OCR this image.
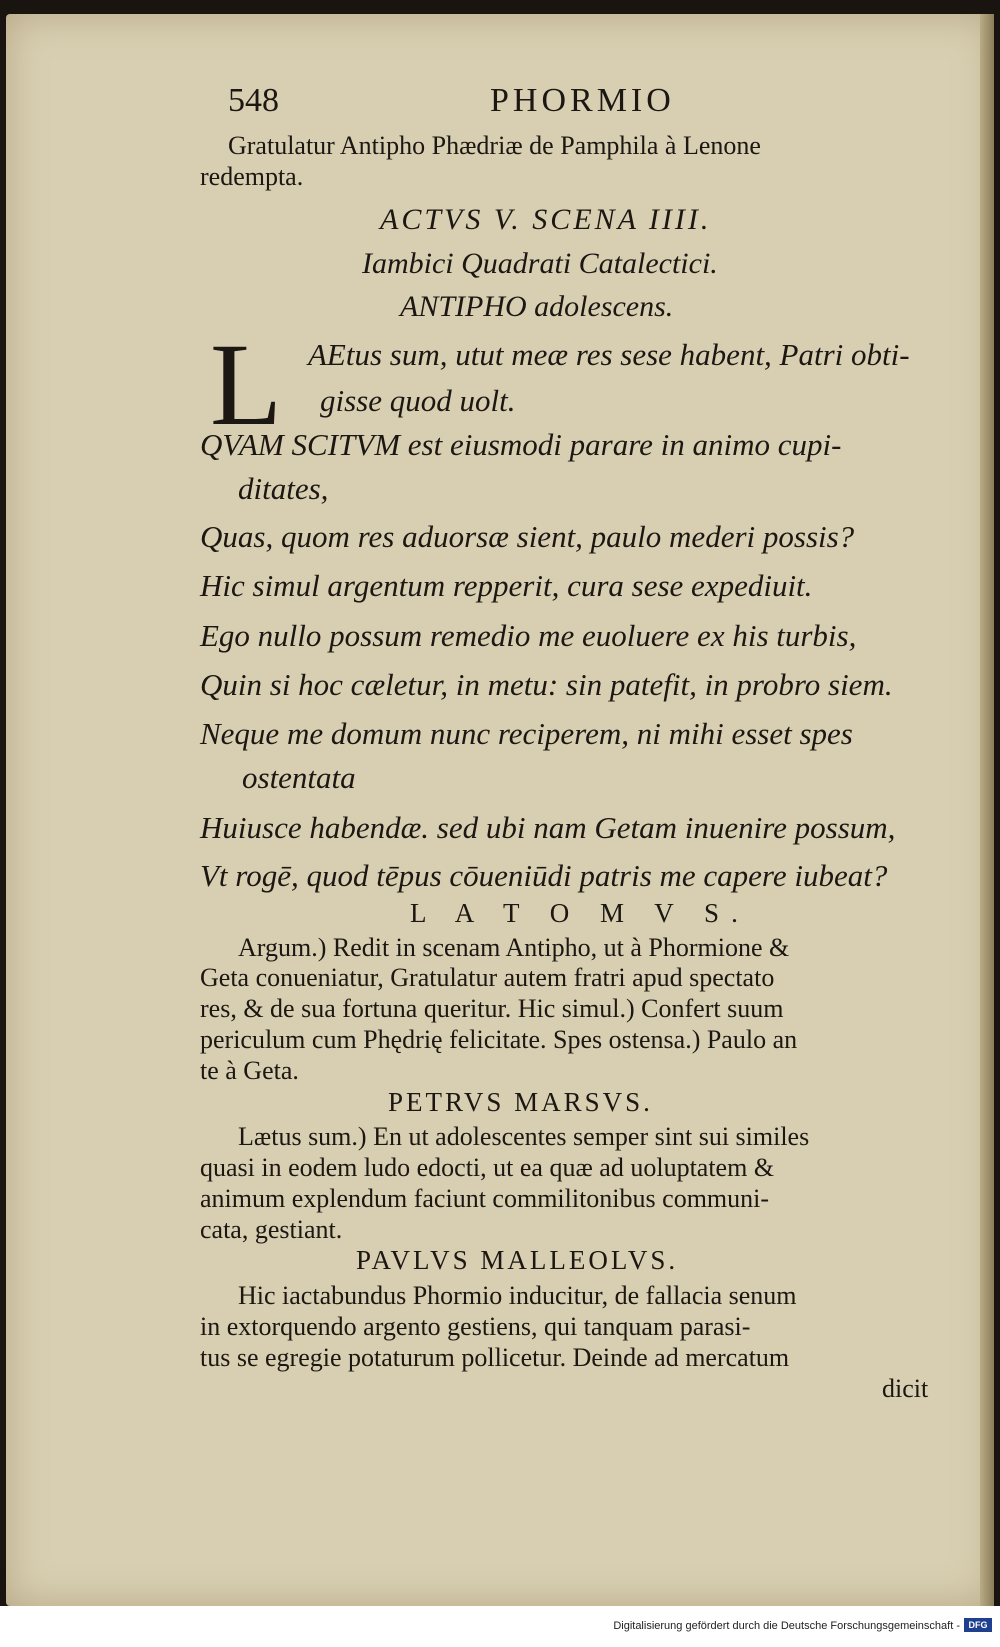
548	PHORMIO
Gratulatur Antipho Phædriæ de Pamphila à Lenone
redempta.
ACTVS V. SCENA IIII.
Iambici Quadrati Catalectici.
ANTIPHO adolescens.
L AEtus sum, utut meæ res sese habent, Patri obti-
gisse quod uolt.
QVAM SCITVM est eiusmodi parare in animo cupi-
ditates,
Quas, quom res aduorsæ sient, paulo mederi possis?
Hic simul argentum repperit, cura sese expediuit.
Ego nullo possum remedio me euoluere ex his turbis,
Quin si hoc cæletur, in metu: sin patefit, in probro siem.
Neque me domum nunc reciperem, ni mihi esset spes
ostentata
Huiusce habendæ. sed ubi nam Getam inuenire possum,
Vt rogē, quod tēpus cōueniūdi patris me capere iubeat?
L A T O M V S.
Argum.) Redit in scenam Antipho, ut à Phormione &
Geta conueniatur, Gratulatur autem fratri apud spectato
res, & de sua fortuna queritur. Hic simul.) Confert suum
periculum cum Phędrię felicitate. Spes ostensa.) Paulo an
te à Geta.
PETRVS MARSVS.
Lætus sum.) En ut adolescentes semper sint sui similes
quasi in eodem ludo edocti, ut ea quæ ad uoluptatem &
animum explendum faciunt commilitonibus communi-
cata, gestiant.
PAVLVS MALLEOLVS.
Hic iactabundus Phormio inducitur, de fallacia senum
in extorquendo argento gestiens, qui tanquam parasi-
tus se egregie potaturum pollicetur. Deinde ad mercatum
dicit
Digitalisierung gefördert durch die Deutsche Forschungsgemeinschaft - DFG
